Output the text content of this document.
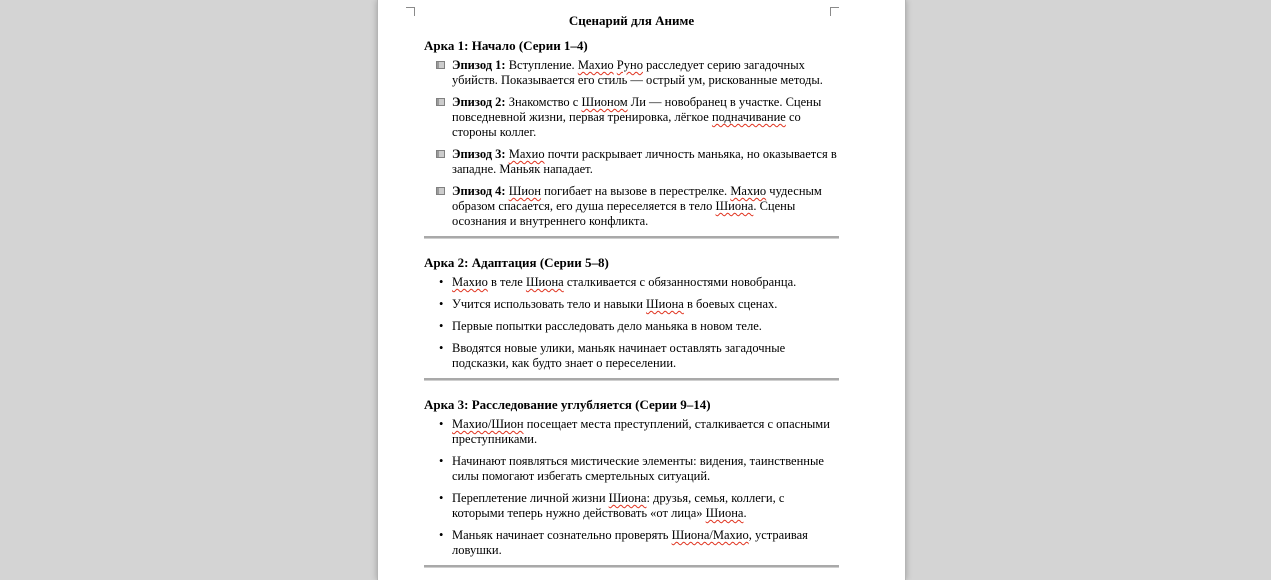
Сценарий для Аниме
Арка 1: Начало (Серии 1–4)
Эпизод 1: Вступление. Махио Руно расследует серию загадочных убийств. Показывается его стиль — острый ум, рискованные методы.
Эпизод 2: Знакомство с Шионом Ли — новобранец в участке. Сцены повседневной жизни, первая тренировка, лёгкое подначивание со стороны коллег.
Эпизод 3: Махио почти раскрывает личность маньяка, но оказывается в западне. Маньяк нападает.
Эпизод 4: Шион погибает на вызове в перестрелке. Махио чудесным образом спасается, его душа переселяется в тело Шиона. Сцены осознания и внутреннего конфликта.
Арка 2: Адаптация (Серии 5–8)
• Махио в теле Шиона сталкивается с обязанностями новобранца.
• Учится использовать тело и навыки Шиона в боевых сценах.
• Первые попытки расследовать дело маньяка в новом теле.
• Вводятся новые улики, маньяк начинает оставлять загадочные подсказки, как будто знает о переселении.
Арка 3: Расследование углубляется (Серии 9–14)
• Махио/Шион посещает места преступлений, сталкивается с опасными преступниками.
• Начинают появляться мистические элементы: видения, таинственные силы помогают избегать смертельных ситуаций.
• Переплетение личной жизни Шиона: друзья, семья, коллеги, с которыми теперь нужно действовать «от лица» Шиона.
• Маньяк начинает сознательно проверять Шиона/Махио, устраивая ловушки.
